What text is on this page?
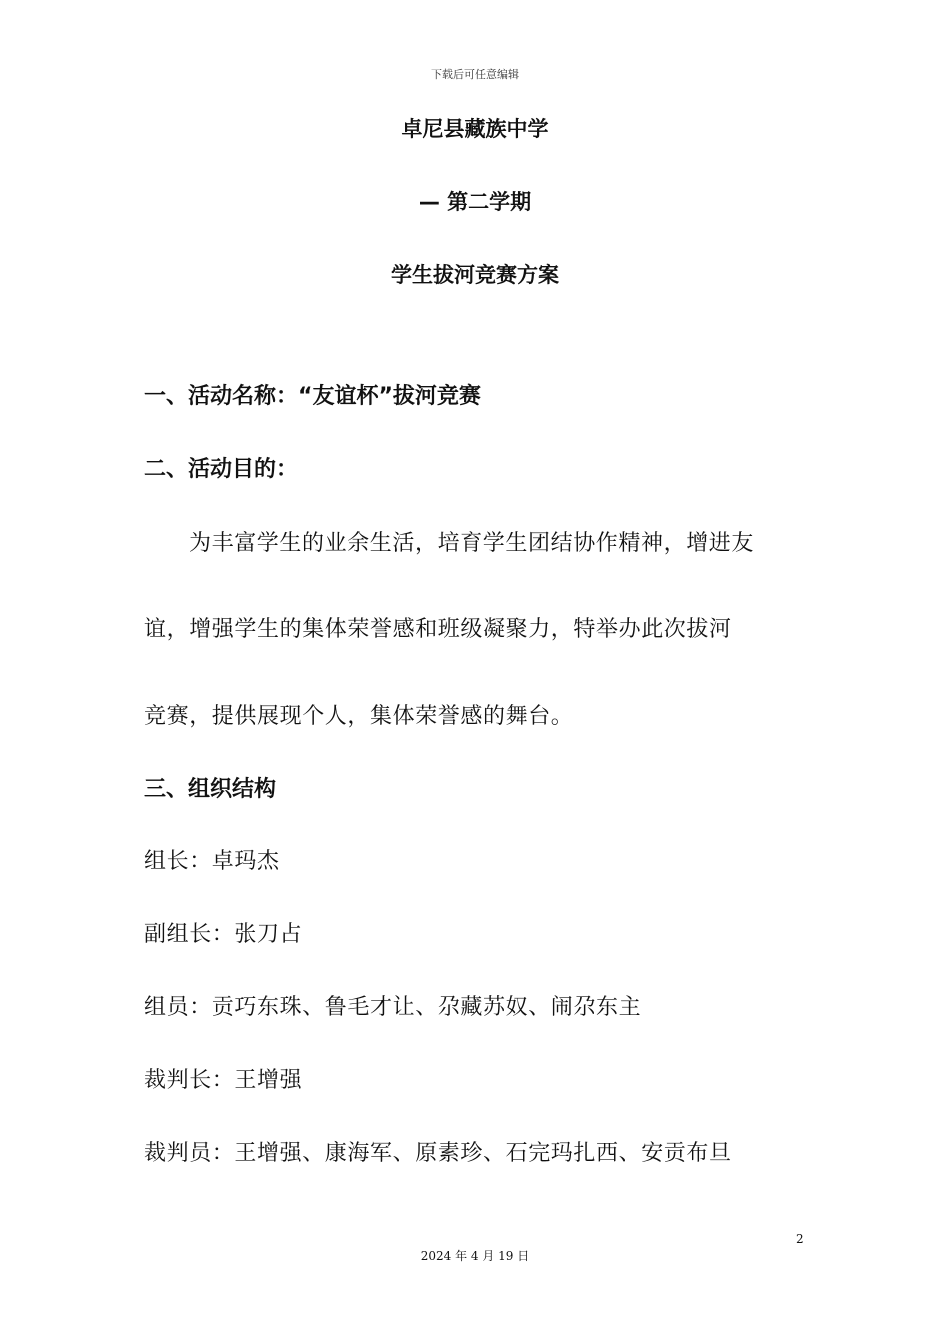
下载后可任意编辑
卓尼县藏族中学
— 第二学期
学生拔河竞赛方案
一、活动名称：“友谊杯”拔河竞赛
二、活动目的：
为丰富学生的业余生活，培育学生团结协作精神，增进友
谊，增强学生的集体荣誉感和班级凝聚力，特举办此次拔河
竞赛，提供展现个人，集体荣誉感的舞台。
三、组织结构
组长：卓玛杰
副组长：张刀占
组员：贡巧东珠、鲁毛才让、尕藏苏奴、闹尕东主
裁判长：王增强
裁判员：王增强、康海军、原素珍、石完玛扎西、安贡布旦
2
2024 年 4 月 19 日
